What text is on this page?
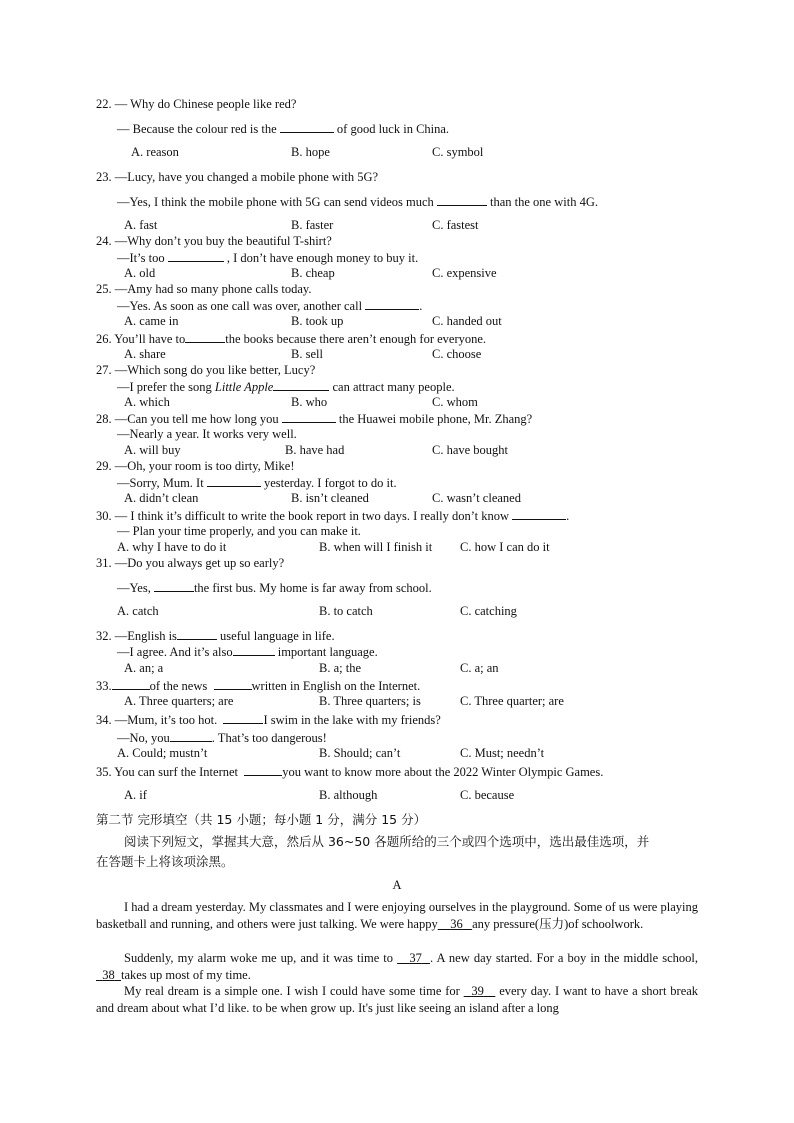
22. — Why do Chinese people like red?
— Because the colour red is the	of good luck in China.
A. reason	B. hope	C. symbol
23. —Lucy, have you changed a mobile phone with 5G?
—Yes, I think the mobile phone with 5G can send videos much	than the one with 4G.
A. fast	B. faster	C. fastest
24. —Why don’t you buy the beautiful T-shirt?
—It’s too	, I don’t have enough money to buy it.
A. old	B. cheap	C. expensive
25. —Amy had so many phone calls today.
—Yes. As soon as one call was over, another call	.
A. came in	B. took up	C. handed out
26. You’ll have to	the books because there aren’t enough for everyone.
A. share	B. sell	C. choose
27. —Which song do you like better, Lucy?
—I prefer the song Little Apple	can attract many people.
A. which	B. who	C. whom
28. —Can you tell me how long you	the Huawei mobile phone, Mr. Zhang?
—Nearly a year. It works very well.
A. will buy	B. have had	C. have bought
29. —Oh, your room is too dirty, Mike!
—Sorry, Mum. It	yesterday. I forgot to do it.
A. didn’t clean	B. isn’t cleaned	C. wasn’t cleaned
30. — I think it’s difficult to write the book report in two days. I really don’t know	.
— Plan your time properly, and you can make it.
A. why I have to do it	B. when will I finish it C. how I can do it
31. —Do you always get up so early?
—Yes,	the first bus. My home is far away from school.
A. catch	B. to catch	C. catching
32. —English is	useful language in life.
—I agree. And it’s also	important language.
A. an; a	B. a; the	C. a; an
33.	of the news	written in English on the Internet.
A. Three quarters; are	B. Three quarters; is	C. Three quarter; are
34. —Mum, it’s too hot.	I swim in the lake with my friends?
—No, you	. That’s too dangerous!
A. Could; mustn’t	B. Should; can’t	C. Must; needn’t
35. You can surf the Internet	you want to know more about the 2022 Winter Olympic Games.
A. if	B. although	C. because
第二节 完形填空（共 15 小题；每小题 1 分，满分 15 分）
阅读下列短文，掌握其大意，然后从 36~50 各题所给的三个或四个选项中，选出最佳选项，并
在答题卡上将该项涂黑。
A
I had a dream yesterday. My classmates and I were enjoying ourselves in the playground. Some of us were playing basketball and running, and others were just talking. We were happy 36 any pressure(压力)of schoolwork.
Suddenly, my alarm woke me up, and it was time to 37 . A new day started. For a boy in the middle school,   38 takes up most of my time.
My real dream is a simple one. I wish I could have some time for 39 every day. I want to have a short break and dream about what I’d like. to be when grow up. It's just like seeing an island after a long
